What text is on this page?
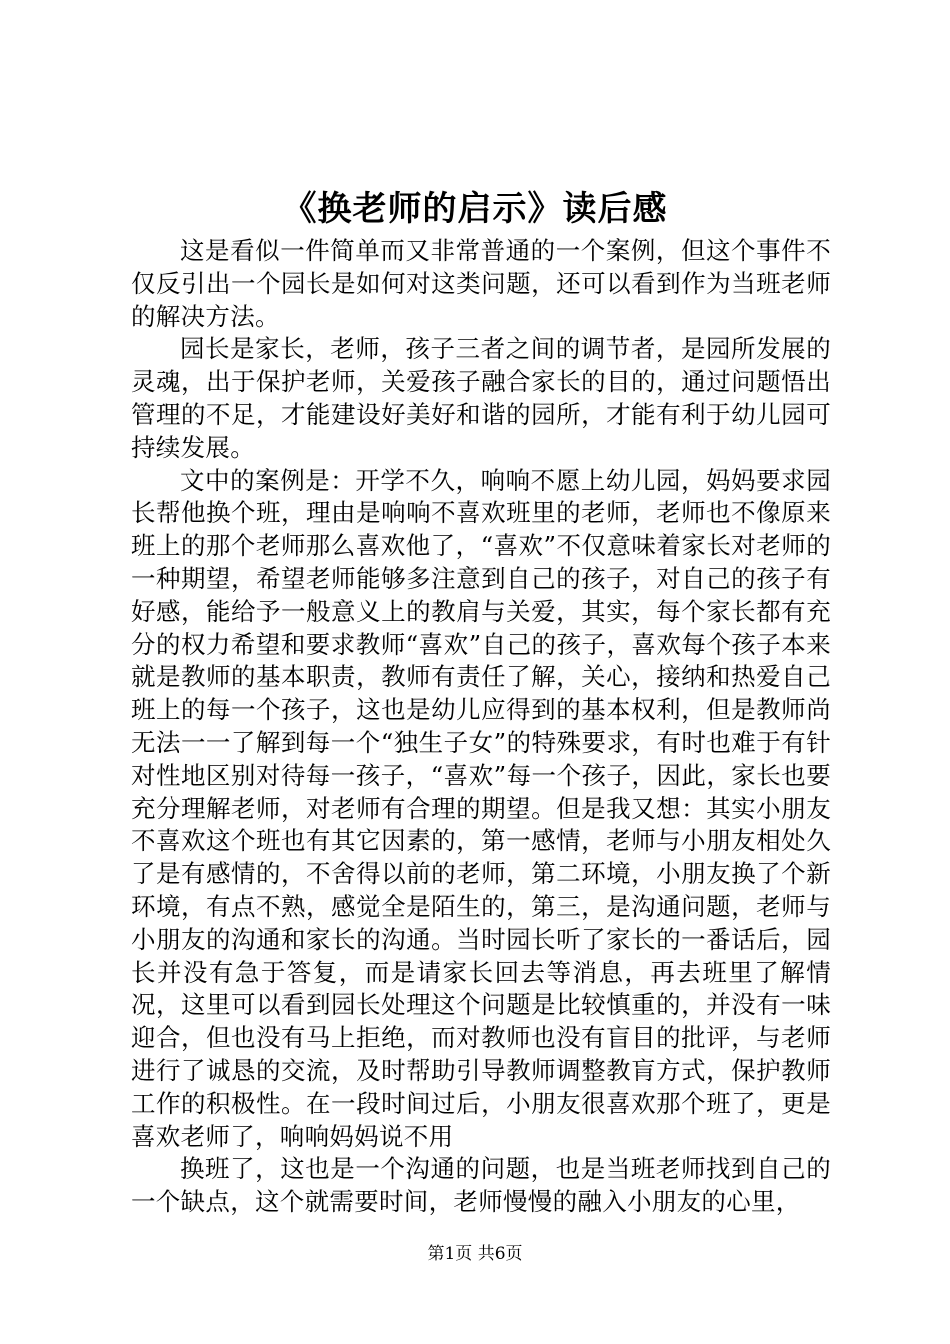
《换老师的启示》读后感

这是看似一件简单而又非常普通的一个案例，但这个事件不仅反引出一个园长是如何对这类问题，还可以看到作为当班老师的解决方法。

园长是家长，老师，孩子三者之间的调节者，是园所发展的灵魂，出于保护老师，关爱孩子融合家长的目的，通过问题悟出管理的不足，才能建设好美好和谐的园所，才能有利于幼儿园可持续发展。

文中的案例是：开学不久，响响不愿上幼儿园，妈妈要求园长帮他换个班，理由是响响不喜欢班里的老师，老师也不像原来班上的那个老师那么喜欢他了，“喜欢”不仅意味着家长对老师的一种期望，希望老师能够多注意到自己的孩子，对自己的孩子有好感，能给予一般意义上的教肩与关爱，其实，每个家长都有充分的权力希望和要求教师“喜欢”自己的孩子，喜欢每个孩子本来就是教师的基本职责，教师有责任了解，关心，接纳和热爱自己班上的每一个孩子，这也是幼儿应得到的基本权利，但是教师尚无法一一了解到每一个“独生子女”的特殊要求，有时也难于有针对性地区别对待每一孩子，“喜欢”每一个孩子，因此，家长也要充分理解老师，对老师有合理的期望。但是我又想：其实小朋友不喜欢这个班也有其它因素的，第一感情，老师与小朋友相处久了是有感情的，不舍得以前的老师，第二环境，小朋友换了个新环境，有点不熟，感觉全是陌生的，第三，是沟通问题，老师与小朋友的沟通和家长的沟通。当时园长听了家长的一番话后，园长并没有急于答复，而是请家长回去等消息，再去班里了解情况，这里可以看到园长处理这个问题是比较慎重的，并没有一味迎合，但也没有马上拒绝，而对教师也没有盲目的批评，与老师进行了诚恳的交流，及时帮助引导教师调整教肓方式，保护教师工作的积极性。在一段时间过后，小朋友很喜欢那个班了，更是喜欢老师了，响响妈妈说不用

换班了，这也是一个沟通的问题，也是当班老师找到自己的一个缺点，这个就需要时间，老师慢慢的融入小朋友的心里，

第1页 共6页
